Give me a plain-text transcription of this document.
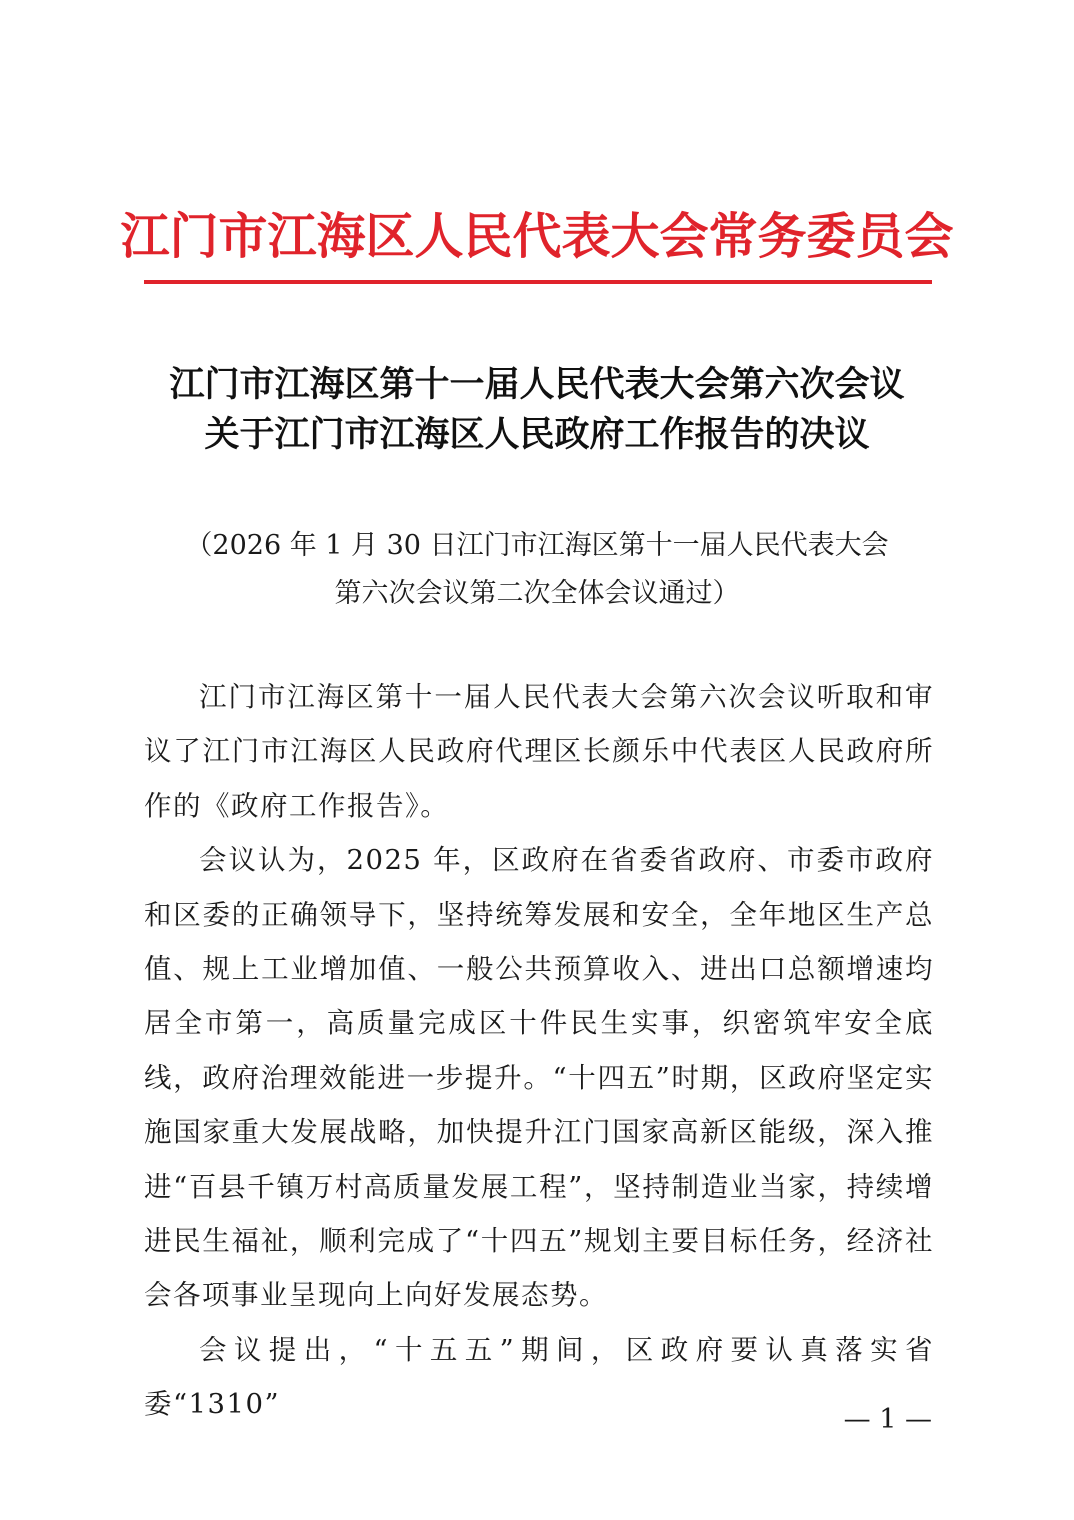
江门市江海区人民代表大会常务委员会
江门市江海区第十一届人民代表大会第六次会议
关于江门市江海区人民政府工作报告的决议
（2026 年 1 月 30 日江门市江海区第十一届人民代表大会
第六次会议第二次全体会议通过）

江门市江海区第十一届人民代表大会第六次会议听取和审议了江门市江海区人民政府代理区长颜乐中代表区人民政府所作的《政府工作报告》。

会议认为，2025 年，区政府在省委省政府、市委市政府和区委的正确领导下，坚持统筹发展和安全，全年地区生产总值、规上工业增加值、一般公共预算收入、进出口总额增速均居全市第一，高质量完成区十件民生实事，织密筑牢安全底线，政府治理效能进一步提升。“十四五”时期，区政府坚定实施国家重大发展战略，加快提升江门国家高新区能级，深入推进“百县千镇万村高质量发展工程”，坚持制造业当家，持续增进民生福祉，顺利完成了“十四五”规划主要目标任务，经济社会各项事业呈现向上向好发展态势。

会议提出，“十五五”期间，区政府要认真落实省委“1310”	— 1 —
